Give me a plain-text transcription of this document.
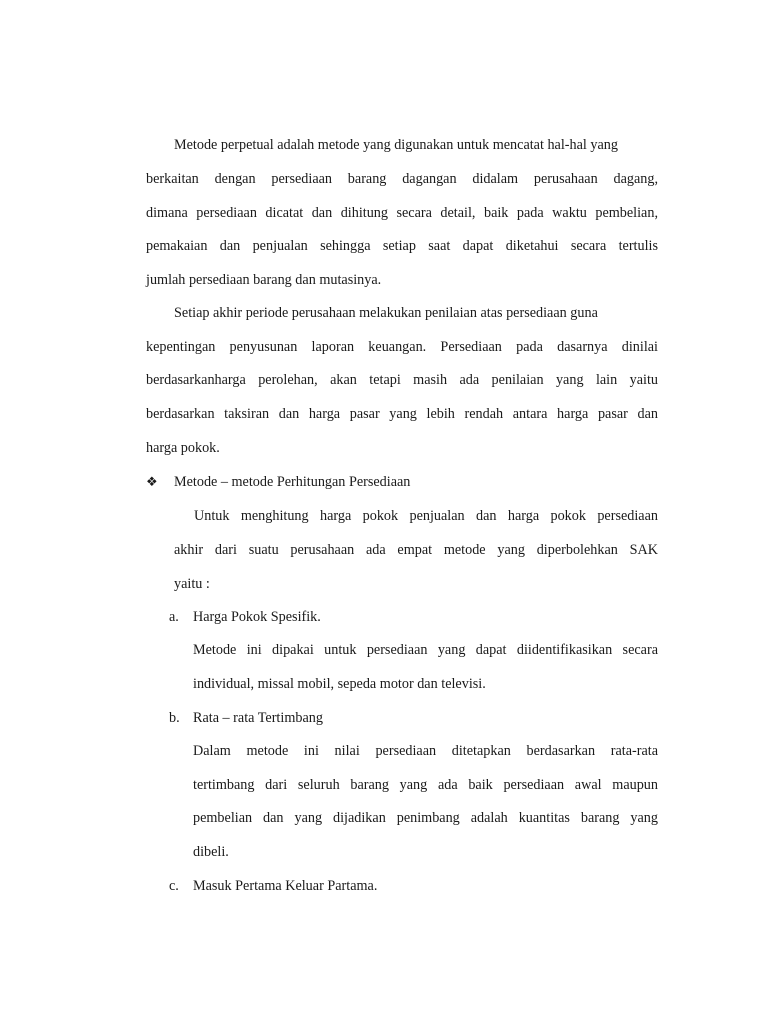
Metode perpetual adalah metode yang digunakan untuk mencatat hal-hal yang
berkaitan dengan persediaan barang dagangan didalam perusahaan dagang,
dimana persediaan dicatat dan dihitung secara detail, baik pada waktu pembelian,
pemakaian dan penjualan sehingga setiap saat dapat diketahui secara tertulis
jumlah persediaan barang dan mutasinya.
Setiap akhir periode perusahaan melakukan penilaian atas persediaan guna
kepentingan penyusunan laporan keuangan. Persediaan pada dasarnya dinilai
berdasarkanharga perolehan, akan tetapi masih ada penilaian yang lain yaitu
berdasarkan taksiran dan harga pasar yang lebih rendah antara harga pasar dan
harga pokok.
❖ Metode – metode Perhitungan Persediaan
Untuk menghitung harga pokok penjualan dan harga pokok persediaan
akhir dari suatu perusahaan ada empat metode yang diperbolehkan SAK
yaitu :
a. Harga Pokok Spesifik.
Metode ini dipakai untuk persediaan yang dapat diidentifikasikan secara
individual, missal mobil, sepeda motor dan televisi.
b. Rata – rata Tertimbang
Dalam metode ini nilai persediaan ditetapkan berdasarkan rata-rata
tertimbang dari seluruh barang yang ada baik persediaan awal maupun
pembelian dan yang dijadikan penimbang adalah kuantitas barang yang
dibeli.
c. Masuk Pertama Keluar Partama.
